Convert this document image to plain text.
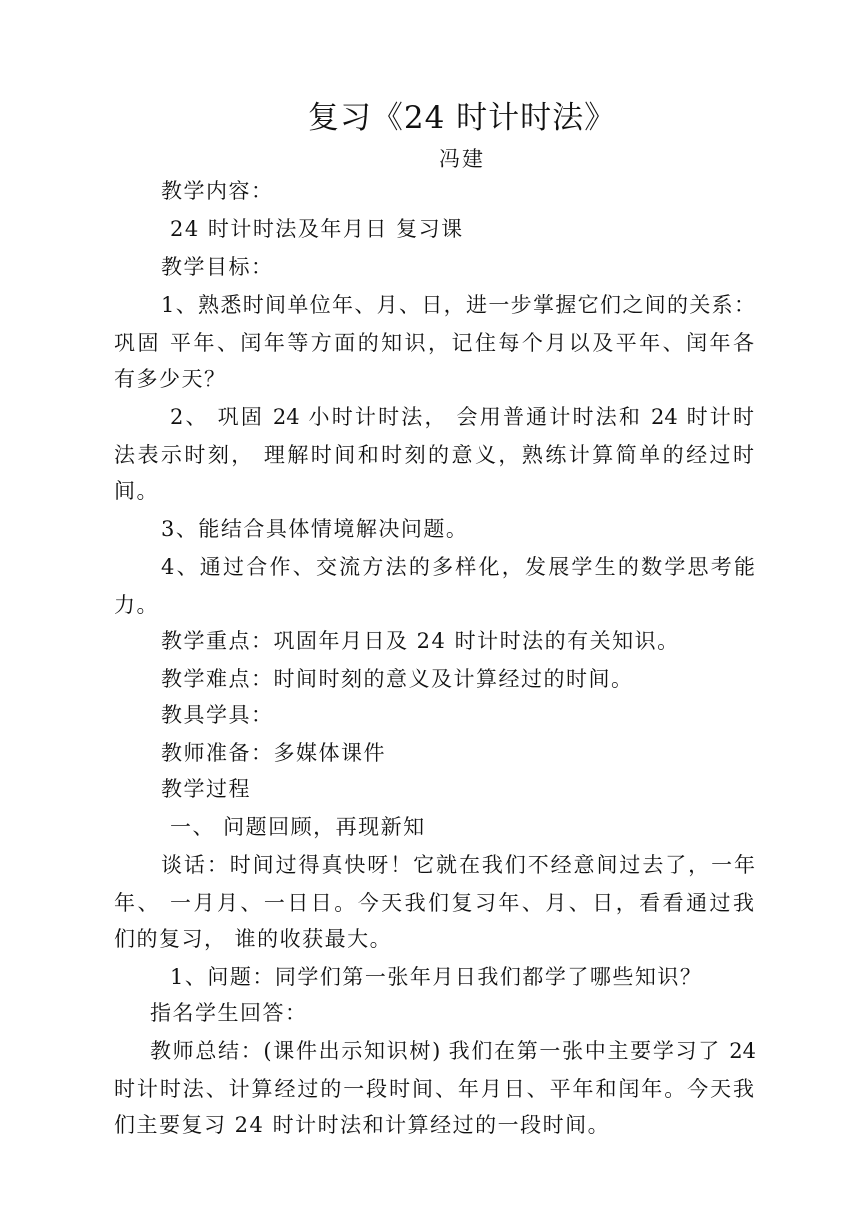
复习《24 时计时法》
冯建
教学内容：
24 时计时法及年月日 复习课
教学目标：
1、熟悉时间单位年、月、日，进一步掌握它们之间的关系：
巩固 平年、闰年等方面的知识，记住每个月以及平年、闰年各
有多少天？
2、 巩固 24 小时计时法， 会用普通计时法和 24 时计时
法表示时刻， 理解时间和时刻的意义，熟练计算简单的经过时
间。
3、能结合具体情境解决问题。
4、通过合作、交流方法的多样化，发展学生的数学思考能
力。
教学重点：巩固年月日及 24 时计时法的有关知识。
教学难点：时间时刻的意义及计算经过的时间。
教具学具：
教师准备：多媒体课件
教学过程
一、 问题回顾，再现新知
谈话：时间过得真快呀！它就在我们不经意间过去了，一年
年、 一月月、一日日。今天我们复习年、月、日，看看通过我
们的复习， 谁的收获最大。
1、问题：同学们第一张年月日我们都学了哪些知识？
指名学生回答：
教师总结：(课件出示知识树) 我们在第一张中主要学习了 24
时计时法、计算经过的一段时间、年月日、平年和闰年。今天我
们主要复习 24 时计时法和计算经过的一段时间。
